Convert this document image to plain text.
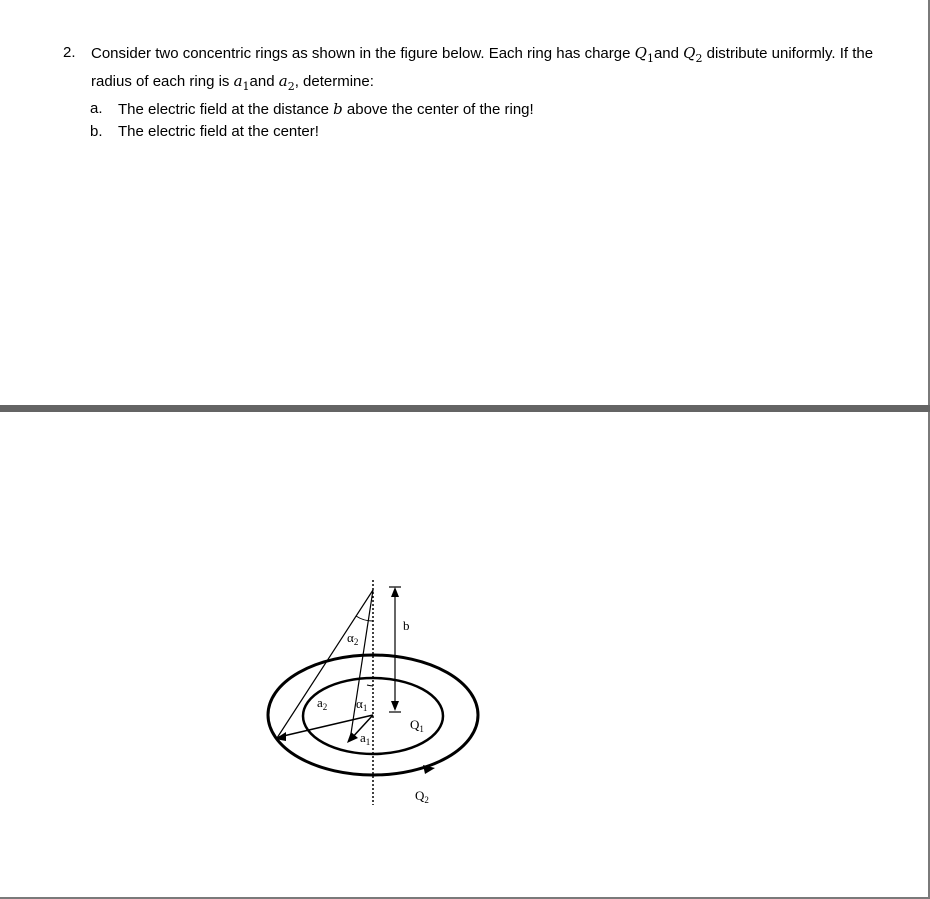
2. Consider two concentric rings as shown in the figure below. Each ring has charge $Q_1and$ $Q_2$ distribute uniformly. If the radius of each ring is $a_1and$ $a_2$, determine:
a. The electric field at the distance b above the center of the ring!
b. The electric field at the center!
$\alpha_2$
$\alpha_1$
$a_2$
$a_1$
b
$Q_1$
$Q_2$
